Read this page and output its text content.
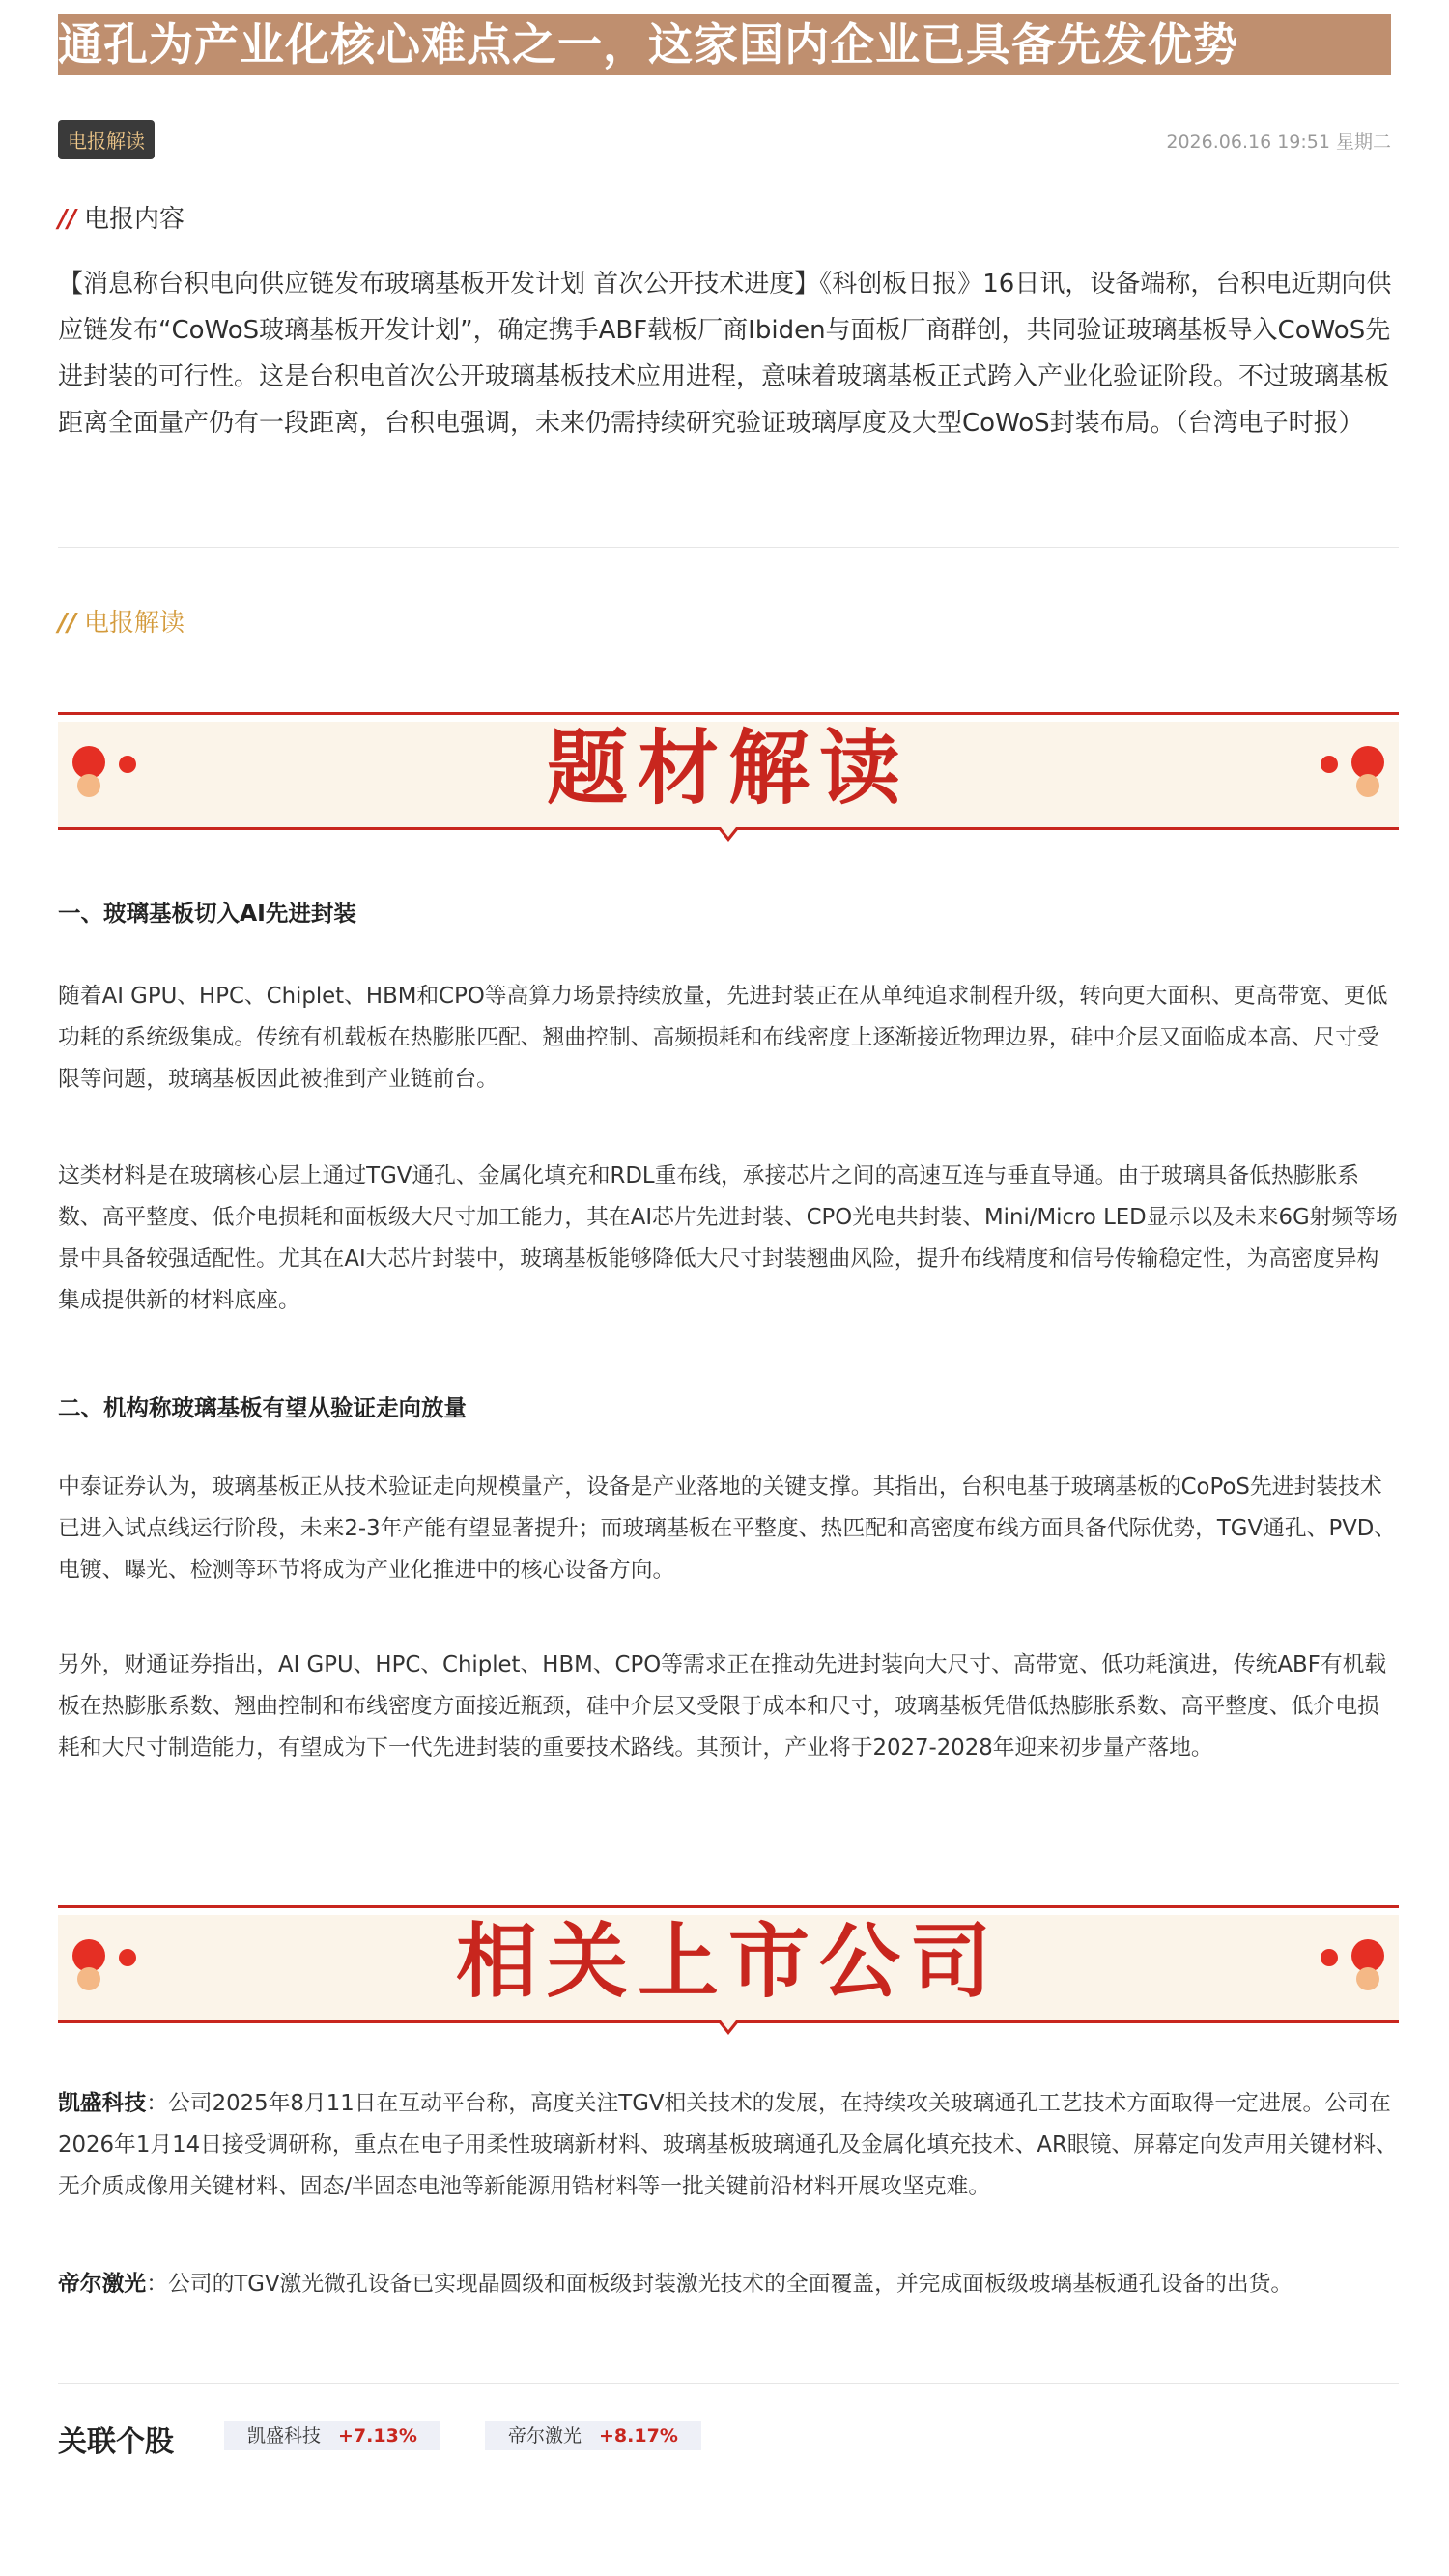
通孔为产业化核心难点之一，这家国内企业已具备先发优势
电报解读	2026.06.16 19:51 星期二
// 电报内容

【消息称台积电向供应链发布玻璃基板开发计划 首次公开技术进度】《科创板日报》16日讯，设备端称，台积电近期向供应链发布“CoWoS玻璃基板开发计划”，确定携手ABF载板厂商Ibiden与面板厂商群创，共同验证玻璃基板导入CoWoS先进封装的可行性。这是台积电首次公开玻璃基板技术应用进程，意味着玻璃基板正式跨入产业化验证阶段。不过玻璃基板距离全面量产仍有一段距离，台积电强调，未来仍需持续研究验证玻璃厚度及大型CoWoS封装布局。（台湾电子时报）

// 电报解读
题材解读
一、玻璃基板切入AI先进封装

随着AI GPU、HPC、Chiplet、HBM和CPO等高算力场景持续放量，先进封装正在从单纯追求制程升级，转向更大面积、更高带宽、更低功耗的系统级集成。传统有机载板在热膨胀匹配、翘曲控制、高频损耗和布线密度上逐渐接近物理边界，硅中介层又面临成本高、尺寸受限等问题，玻璃基板因此被推到产业链前台。

这类材料是在玻璃核心层上通过TGV通孔、金属化填充和RDL重布线，承接芯片之间的高速互连与垂直导通。由于玻璃具备低热膨胀系数、高平整度、低介电损耗和面板级大尺寸加工能力，其在AI芯片先进封装、CPO光电共封装、Mini/Micro LED显示以及未来6G射频等场景中具备较强适配性。尤其在AI大芯片封装中，玻璃基板能够降低大尺寸封装翘曲风险，提升布线精度和信号传输稳定性，为高密度异构集成提供新的材料底座。

二、机构称玻璃基板有望从验证走向放量

中泰证券认为，玻璃基板正从技术验证走向规模量产，设备是产业落地的关键支撑。其指出，台积电基于玻璃基板的CoPoS先进封装技术已进入试点线运行阶段，未来2-3年产能有望显著提升；而玻璃基板在平整度、热匹配和高密度布线方面具备代际优势，TGV通孔、PVD、电镀、曝光、检测等环节将成为产业化推进中的核心设备方向。

另外，财通证券指出，AI GPU、HPC、Chiplet、HBM、CPO等需求正在推动先进封装向大尺寸、高带宽、低功耗演进，传统ABF有机载板在热膨胀系数、翘曲控制和布线密度方面接近瓶颈，硅中介层又受限于成本和尺寸，玻璃基板凭借低热膨胀系数、高平整度、低介电损耗和大尺寸制造能力，有望成为下一代先进封装的重要技术路线。其预计，产业将于2027-2028年迎来初步量产落地。

相关上市公司

凯盛科技：公司2025年8月11日在互动平台称，高度关注TGV相关技术的发展，在持续攻关玻璃通孔工艺技术方面取得一定进展。公司在2026年1月14日接受调研称，重点在电子用柔性玻璃新材料、玻璃基板玻璃通孔及金属化填充技术、AR眼镜、屏幕定向发声用关键材料、无介质成像用关键材料、固态/半固态电池等新能源用锆材料等一批关键前沿材料开展攻坚克难。

帝尔激光：公司的TGV激光微孔设备已实现晶圆级和面板级封装激光技术的全面覆盖，并完成面板级玻璃基板通孔设备的出货。

关联个股	凯盛科技 +7.13%	帝尔激光 +8.17%
